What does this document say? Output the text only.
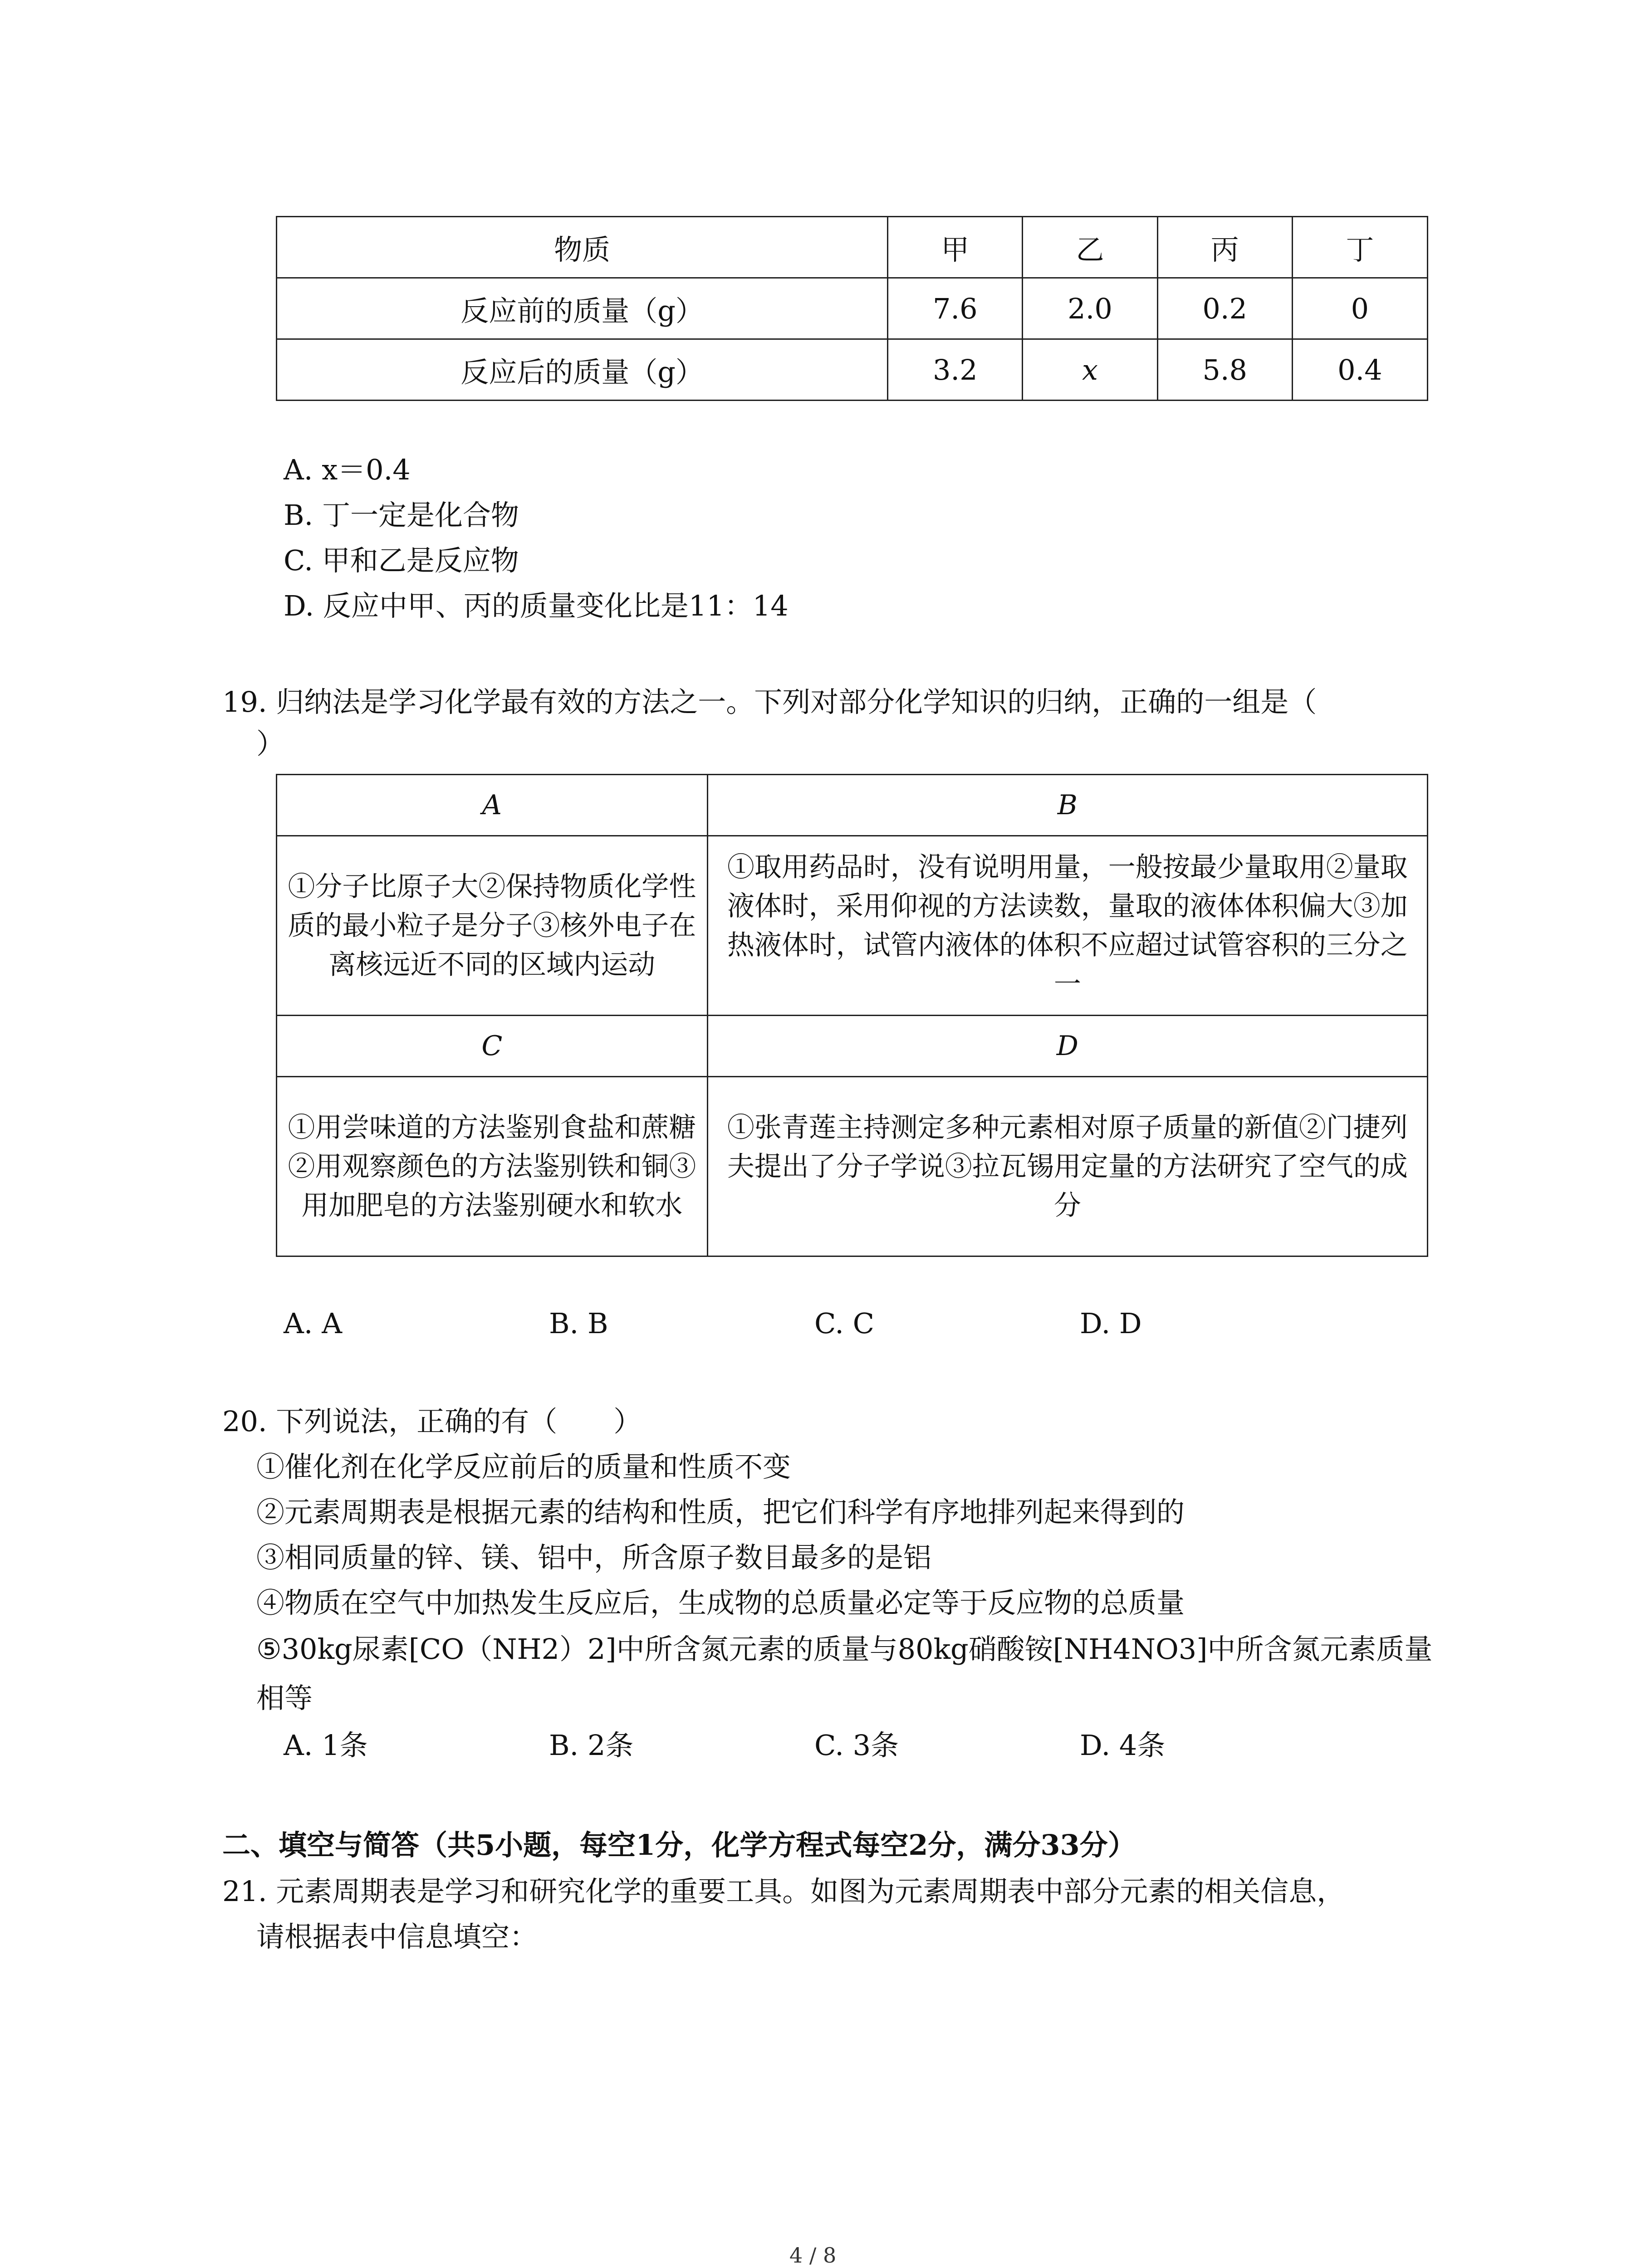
物质	甲	乙	丙	丁
反应前的质量（g）	7.6	2.0	0.2	0
反应后的质量（g）	3.2	x	5.8	0.4
A. x＝0.4
B. 丁一定是化合物
C. 甲和乙是反应物
D. 反应中甲、丙的质量变化比是11：14
19. 归纳法是学习化学最有效的方法之一。下列对部分化学知识的归纳，正确的一组是（
）
A	B
①分子比原子大②保持物质化学性质的最小粒子是分子③核外电子在离核远近不同的区域内运动	①取用药品时，没有说明用量，一般按最少量取用②量取液体时，采用仰视的方法读数，量取的液体体积偏大③加热液体时，试管内液体的体积不应超过试管容积的三分之一
C	D
①用尝味道的方法鉴别食盐和蔗糖②用观察颜色的方法鉴别铁和铜③用加肥皂的方法鉴别硬水和软水	①张青莲主持测定多种元素相对原子质量的新值②门捷列夫提出了分子学说③拉瓦锡用定量的方法研究了空气的成分
A. A	B. B	C. C	D. D
20. 下列说法，正确的有（　　）
①催化剂在化学反应前后的质量和性质不变
②元素周期表是根据元素的结构和性质，把它们科学有序地排列起来得到的
③相同质量的锌、镁、铝中，所含原子数目最多的是铝
④物质在空气中加热发生反应后，生成物的总质量必定等于反应物的总质量
⑤30kg尿素[CO（NH2）2]中所含氮元素的质量与80kg硝酸铵[NH4NO3]中所含氮元素质量
相等
A. 1条	B. 2条	C. 3条	D. 4条
二、填空与简答（共5小题，每空1分，化学方程式每空2分，满分33分）
21. 元素周期表是学习和研究化学的重要工具。如图为元素周期表中部分元素的相关信息，
请根据表中信息填空：
4 / 8
